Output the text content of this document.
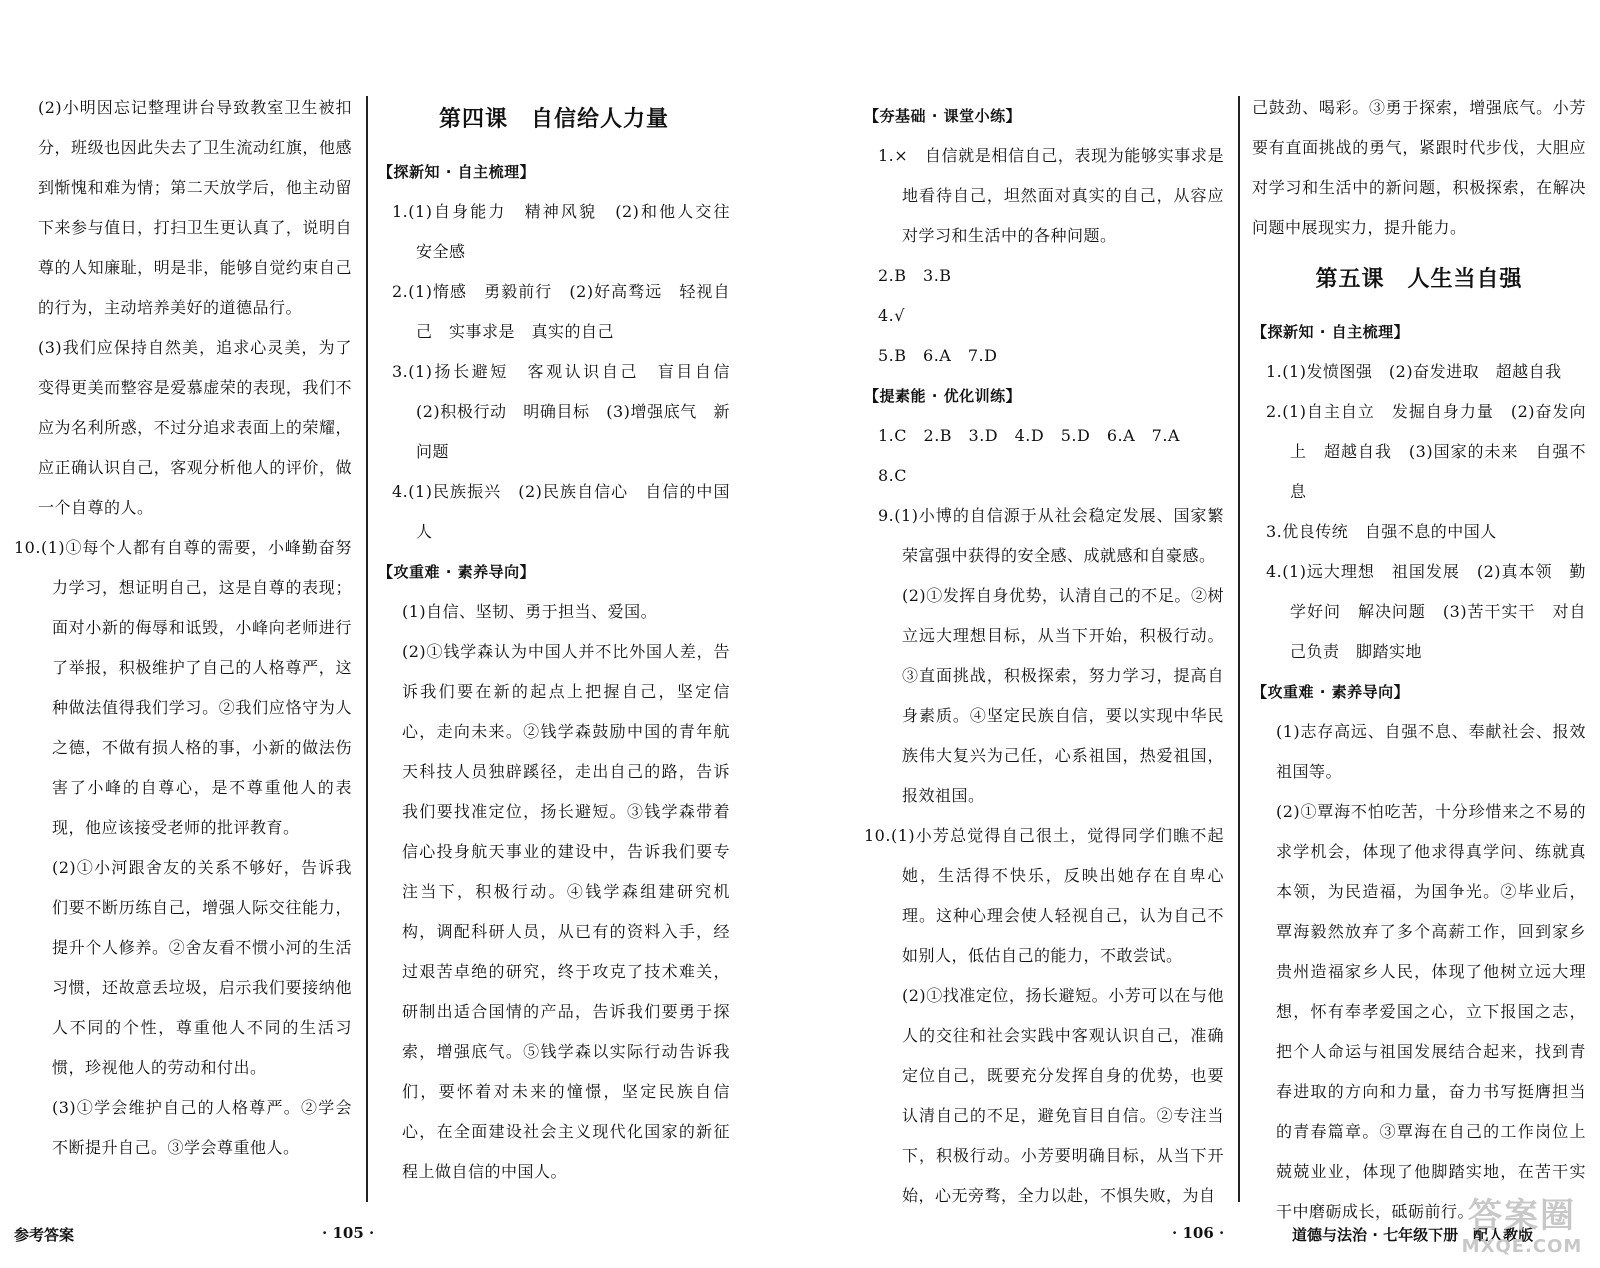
(2)小明因忘记整理讲台导致教室卫生被扣分，班级也因此失去了卫生流动红旗，他感到惭愧和难为情；第二天放学后，他主动留下来参与值日，打扫卫生更认真了，说明自尊的人知廉耻，明是非，能够自觉约束自己的行为，主动培养美好的道德品行。

(3)我们应保持自然美，追求心灵美，为了变得更美而整容是爱慕虚荣的表现，我们不应为名利所惑，不过分追求表面上的荣耀，应正确认识自己，客观分析他人的评价，做一个自尊的人。

10.(1)①每个人都有自尊的需要，小峰勤奋努力学习，想证明自己，这是自尊的表现；面对小新的侮辱和诋毁，小峰向老师进行了举报，积极维护了自己的人格尊严，这种做法值得我们学习。②我们应恪守为人之德，不做有损人格的事，小新的做法伤害了小峰的自尊心，是不尊重他人的表现，他应该接受老师的批评教育。

(2)①小河跟舍友的关系不够好，告诉我们要不断历练自己，增强人际交往能力，提升个人修养。②舍友看不惯小河的生活习惯，还故意丢垃圾，启示我们要接纳他人不同的个性，尊重他人不同的生活习惯，珍视他人的劳动和付出。

(3)①学会维护自己的人格尊严。②学会不断提升自己。③学会尊重他人。

第四课　自信给人力量

【探新知 · 自主梳理】

1.(1)自身能力　精神风貌　(2)和他人交往　安全感

2.(1)惰感　勇毅前行　(2)好高骛远　轻视自己　实事求是　真实的自己

3.(1)扬长避短　客观认识自己　盲目自信　(2)积极行动　明确目标　(3)增强底气　新问题

4.(1)民族振兴　(2)民族自信心　自信的中国人

【攻重难 · 素养导向】

(1)自信、坚韧、勇于担当、爱国。

(2)①钱学森认为中国人并不比外国人差，告诉我们要在新的起点上把握自己，坚定信心，走向未来。②钱学森鼓励中国的青年航天科技人员独辟蹊径，走出自己的路，告诉我们要找准定位，扬长避短。③钱学森带着信心投身航天事业的建设中，告诉我们要专注当下，积极行动。④钱学森组建研究机构，调配科研人员，从已有的资料入手，经过艰苦卓绝的研究，终于攻克了技术难关，研制出适合国情的产品，告诉我们要勇于探索，增强底气。⑤钱学森以实际行动告诉我们，要怀着对未来的憧憬，坚定民族自信心，在全面建设社会主义现代化国家的新征程上做自信的中国人。

参考答案	· 105 ·

【夯基础 · 课堂小练】

1.×　自信就是相信自己，表现为能够实事求是地看待自己，坦然面对真实的自己，从容应对学习和生活中的各种问题。

2.B　3.B

4.√

5.B　6.A　7.D

【提素能 · 优化训练】

1.C　2.B　3.D　4.D　5.D　6.A　7.A

8.C

9.(1)小博的自信源于从社会稳定发展、国家繁荣富强中获得的安全感、成就感和自豪感。

(2)①发挥自身优势，认清自己的不足。②树立远大理想目标，从当下开始，积极行动。③直面挑战，积极探索，努力学习，提高自身素质。④坚定民族自信，要以实现中华民族伟大复兴为己任，心系祖国，热爱祖国，报效祖国。

10.(1)小芳总觉得自己很土，觉得同学们瞧不起她，生活得不快乐，反映出她存在自卑心理。这种心理会使人轻视自己，认为自己不如别人，低估自己的能力，不敢尝试。

(2)①找准定位，扬长避短。小芳可以在与他人的交往和社会实践中客观认识自己，准确定位自己，既要充分发挥自身的优势，也要认清自己的不足，避免盲目自信。②专注当下，积极行动。小芳要明确目标，从当下开始，心无旁骛，全力以赴，不惧失败，为自

己鼓劲、喝彩。③勇于探索，增强底气。小芳要有直面挑战的勇气，紧跟时代步伐，大胆应对学习和生活中的新问题，积极探索，在解决问题中展现实力，提升能力。

第五课　人生当自强

【探新知 · 自主梳理】

1.(1)发愤图强　(2)奋发进取　超越自我

2.(1)自主自立　发掘自身力量　(2)奋发向上　超越自我　(3)国家的未来　自强不息

3.优良传统　自强不息的中国人

4.(1)远大理想　祖国发展　(2)真本领　勤学好问　解决问题　(3)苦干实干　对自己负责　脚踏实地

【攻重难 · 素养导向】

(1)志存高远、自强不息、奉献社会、报效祖国等。

(2)①覃海不怕吃苦，十分珍惜来之不易的求学机会，体现了他求得真学问、练就真本领，为民造福，为国争光。②毕业后，覃海毅然放弃了多个高薪工作，回到家乡贵州造福家乡人民，体现了他树立远大理想，怀有奉孝爱国之心，立下报国之志，把个人命运与祖国发展结合起来，找到青春进取的方向和力量，奋力书写挺膺担当的青春篇章。③覃海在自己的工作岗位上兢兢业业，体现了他脚踏实地，在苦干实干中磨砺成长，砥砺前行。

· 106 ·	道德与法治 · 七年级下册　配人教版
答案圈
MXQE.COM
